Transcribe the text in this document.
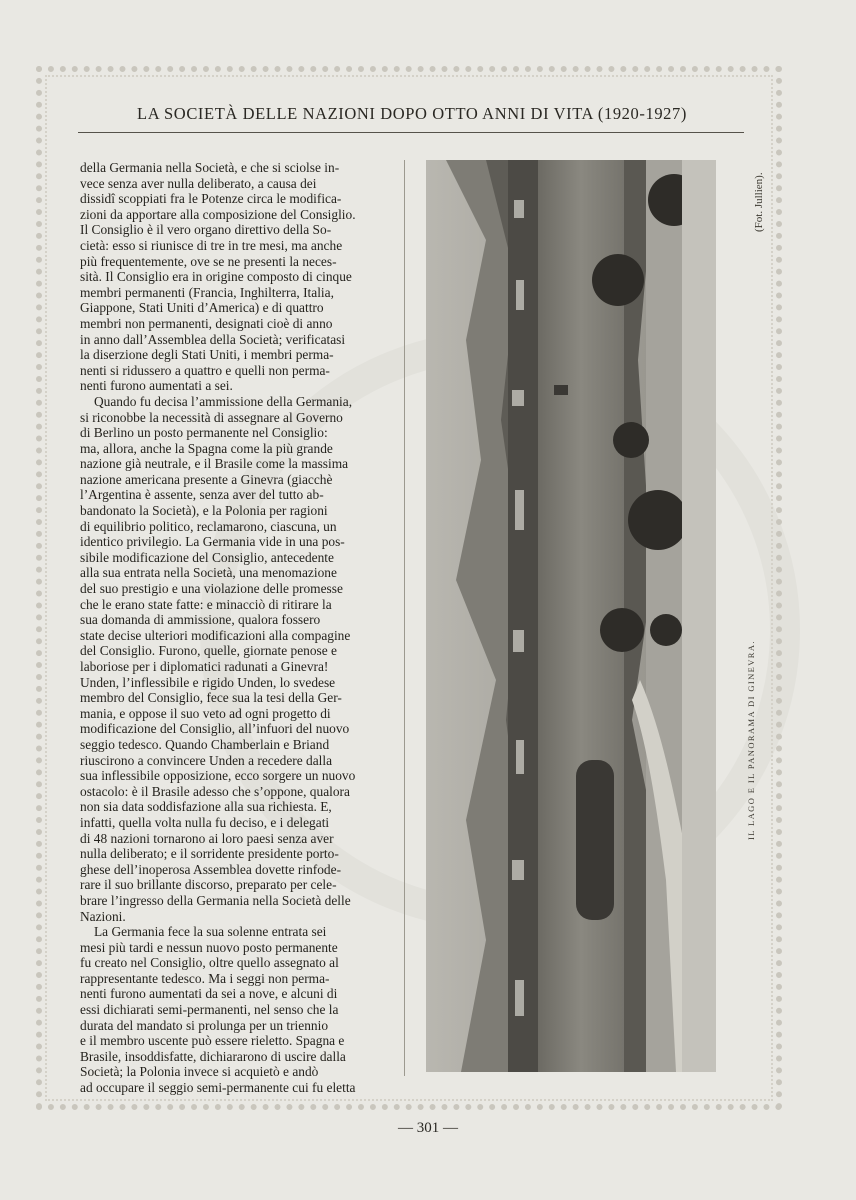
LA SOCIETÀ DELLE NAZIONI DOPO OTTO ANNI DI VITA (1920-1927)

della Germania nella Società, e che si sciolse in-

vece senza aver nulla deliberato, a causa dei

dissidî scoppiati fra le Potenze circa le modifica-

zioni da apportare alla composizione del Consiglio.

Il Consiglio è il vero organo direttivo della So-

cietà: esso si riunisce di tre in tre mesi, ma anche

più frequentemente, ove se ne presenti la neces-

sità. Il Consiglio era in origine composto di cinque

membri permanenti (Francia, Inghilterra, Italia,

Giappone, Stati Uniti d’America) e di quattro

membri non permanenti, designati cioè di anno

in anno dall’Assemblea della Società; verificatasi

la diserzione degli Stati Uniti, i membri perma-

nenti si ridussero a quattro e quelli non perma-

nenti furono aumentati a sei.

Quando fu decisa l’ammissione della Germania,

si riconobbe la necessità di assegnare al Governo

di Berlino un posto permanente nel Consiglio:

ma, allora, anche la Spagna come la più grande

nazione già neutrale, e il Brasile come la massima

nazione americana presente a Ginevra (giacchè

l’Argentina è assente, senza aver del tutto ab-

bandonato la Società), e la Polonia per ragioni

di equilibrio politico, reclamarono, ciascuna, un

identico privilegio. La Germania vide in una pos-

sibile modificazione del Consiglio, antecedente

alla sua entrata nella Società, una menomazione

del suo prestigio e una violazione delle promesse

che le erano state fatte: e minacciò di ritirare la

sua domanda di ammissione, qualora fossero

state decise ulteriori modificazioni alla compagine

del Consiglio. Furono, quelle, giornate penose e

laboriose per i diplomatici radunati a Ginevra!

Unden, l’inflessibile e rigido Unden, lo svedese

membro del Consiglio, fece sua la tesi della Ger-

mania, e oppose il suo veto ad ogni progetto di

modificazione del Consiglio, all’infuori del nuovo

seggio tedesco. Quando Chamberlain e Briand

riuscirono a convincere Unden a recedere dalla

sua inflessibile opposizione, ecco sorgere un nuovo

ostacolo: è il Brasile adesso che s’oppone, qualora

non sia data soddisfazione alla sua richiesta. E,

infatti, quella volta nulla fu deciso, e i delegati

di 48 nazioni tornarono ai loro paesi senza aver

nulla deliberato; e il sorridente presidente porto-

ghese dell’inoperosa Assemblea dovette rinfode-

rare il suo brillante discorso, preparato per cele-

brare l’ingresso della Germania nella Società delle

Nazioni.

La Germania fece la sua solenne entrata sei

mesi più tardi e nessun nuovo posto permanente

fu creato nel Consiglio, oltre quello assegnato al

rappresentante tedesco. Ma i seggi non perma-

nenti furono aumentati da sei a nove, e alcuni di

essi dichiarati semi-permanenti, nel senso che la

durata del mandato si prolunga per un triennio

e il membro uscente può essere rieletto. Spagna e

Brasile, insoddisfatte, dichiararono di uscire dalla

Società; la Polonia invece si acquietò e andò

ad occupare il seggio semi-permanente cui fu eletta

IL LAGO E IL PANORAMA DI GINEVRA.
(Fot. Jullien).
— 301 —
